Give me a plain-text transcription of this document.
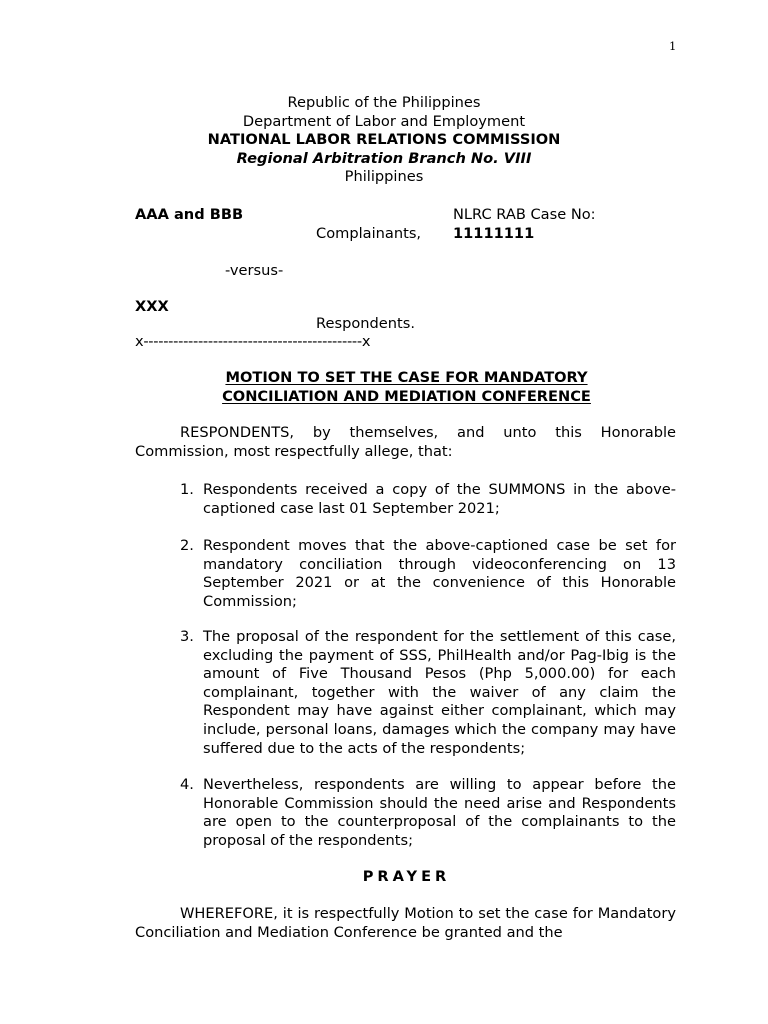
1
Republic of the Philippines
Department of Labor and Employment
NATIONAL LABOR RELATIONS COMMISSION
Regional Arbitration Branch No. VIII
Philippines
AAA and BBB	NLRC RAB Case No:
Complainants, 11111111
-versus-
XXX
Respondents.
x--------------------------------------------x
MOTION TO SET THE CASE FOR MANDATORY
CONCILIATION AND MEDIATION CONFERENCE

RESPONDENTS, by themselves, and unto this Honorable Commission, most respectfully allege, that:

1. Respondents received a copy of the SUMMONS in the above-captioned case last 01 September 2021;
2. Respondent moves that the above-captioned case be set for mandatory conciliation through videoconferencing on 13 September 2021 or at the convenience of this Honorable Commission;
3. The proposal of the respondent for the settlement of this case, excluding the payment of SSS, PhilHealth and/or Pag-Ibig is the amount of Five Thousand Pesos (Php 5,000.00) for each complainant, together with the waiver of any claim the Respondent may have against either complainant, which may include, personal loans, damages which the company may have suffered due to the acts of the respondents;
4. Nevertheless, respondents are willing to appear before the Honorable Commission should the need arise and Respondents are open to the counterproposal of the complainants to the proposal of the respondents;
PRAYER

WHEREFORE, it is respectfully Motion to set the case for Mandatory Conciliation and Mediation Conference be granted and the
